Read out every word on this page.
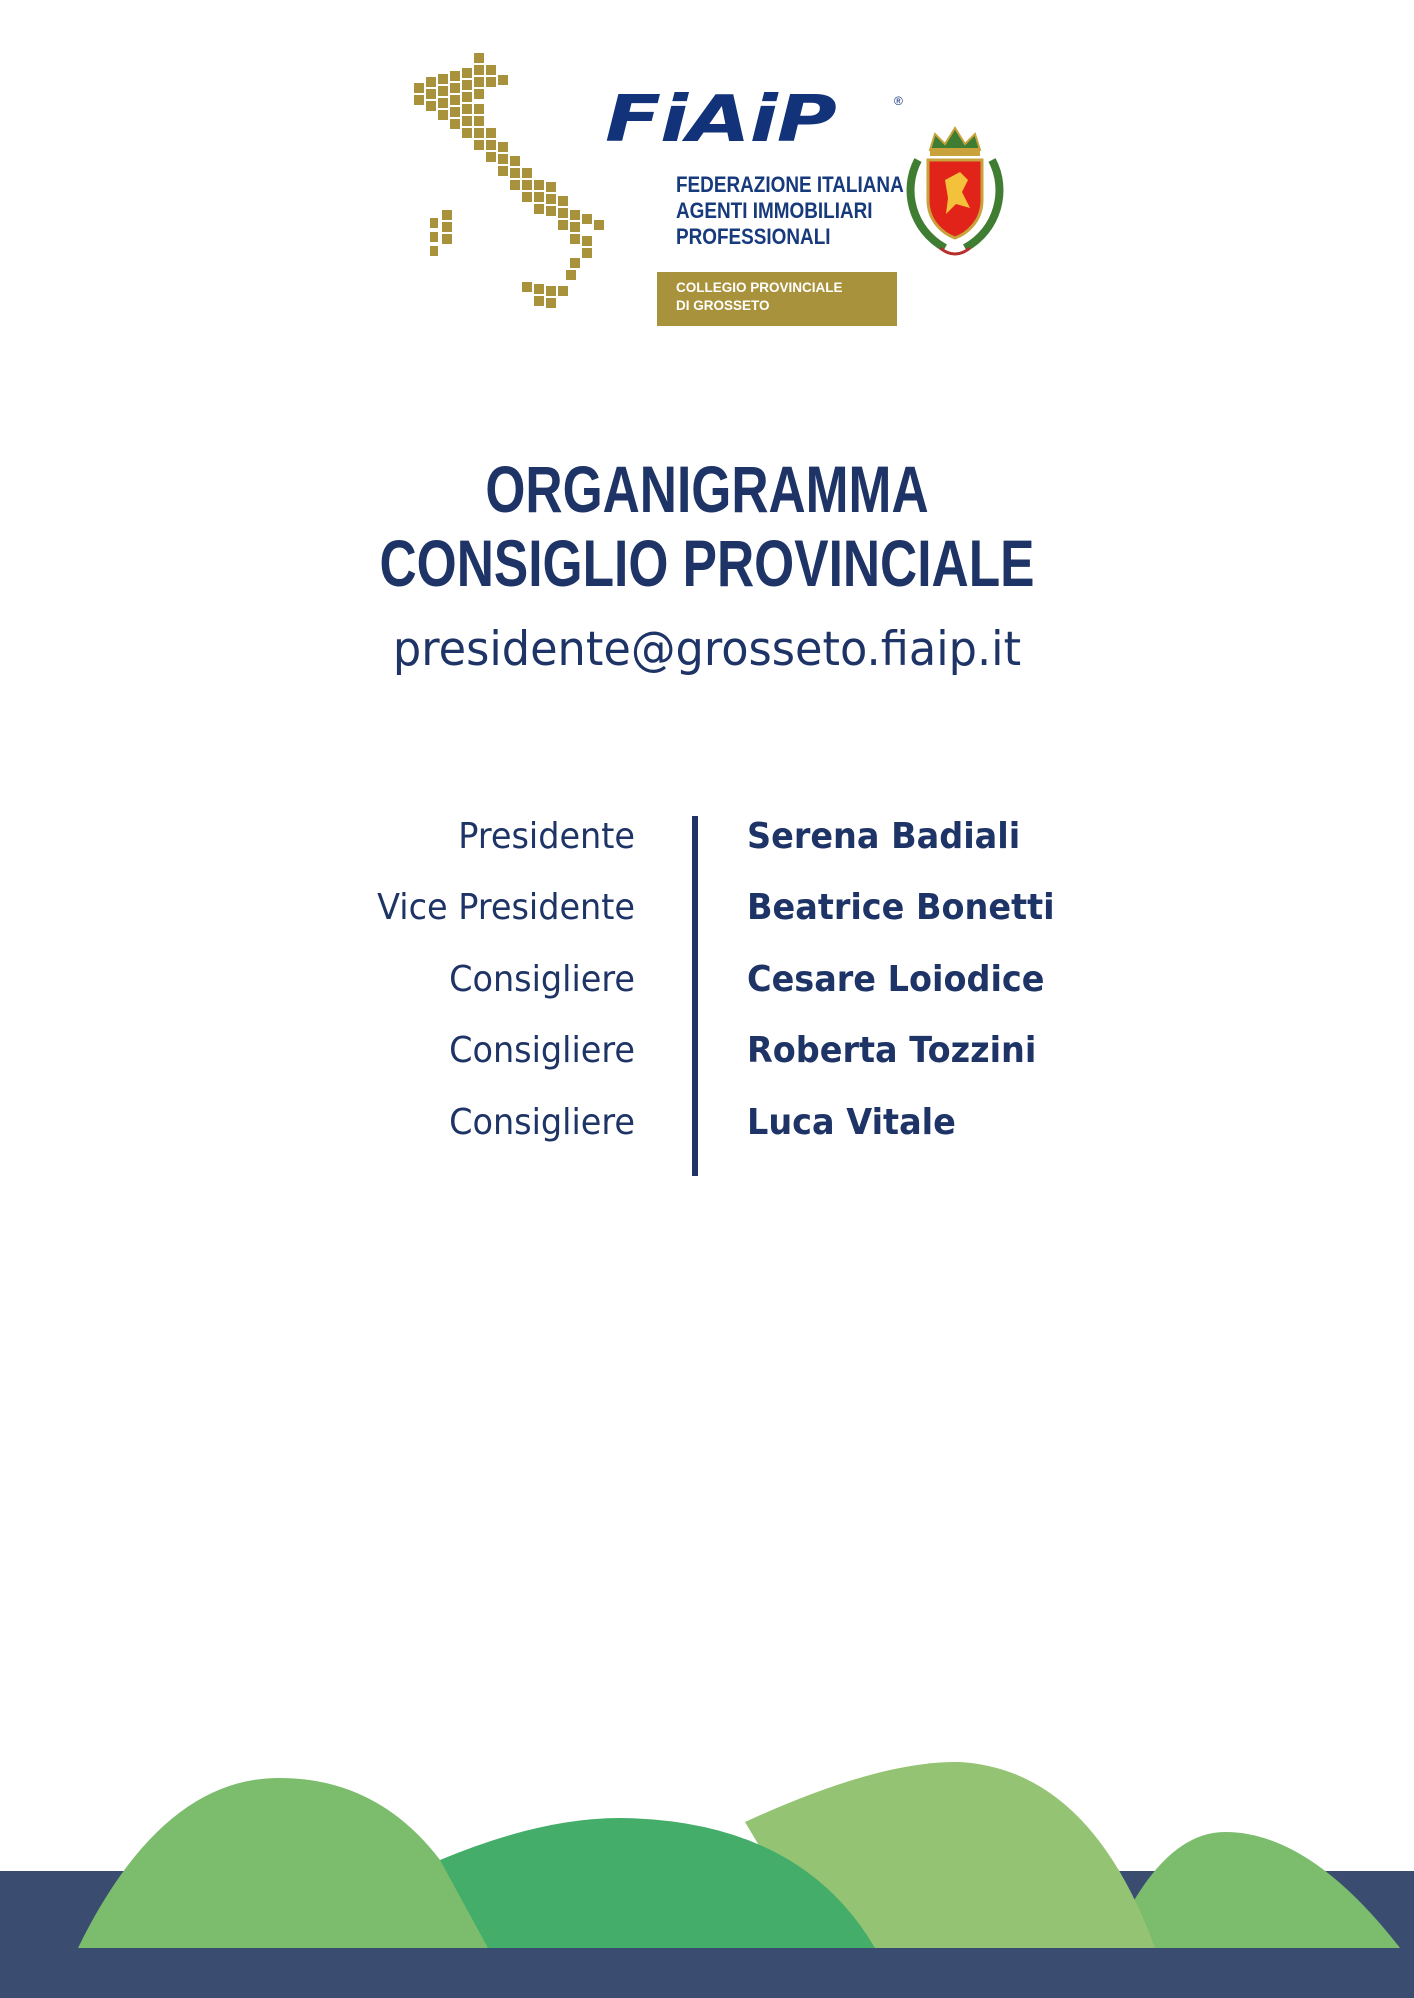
FiAiP	®
FEDERAZIONE ITALIANA
AGENTI IMMOBILIARI
PROFESSIONALI
COLLEGIO PROVINCIALE
DI GROSSETO
ORGANIGRAMMA
CONSIGLIO PROVINCIALE
presidente@grosseto.fiaip.it
Presidente
Vice Presidente
Consigliere
Consigliere
Consigliere
Serena Badiali
Beatrice Bonetti
Cesare Loiodice
Roberta Tozzini
Luca Vitale
